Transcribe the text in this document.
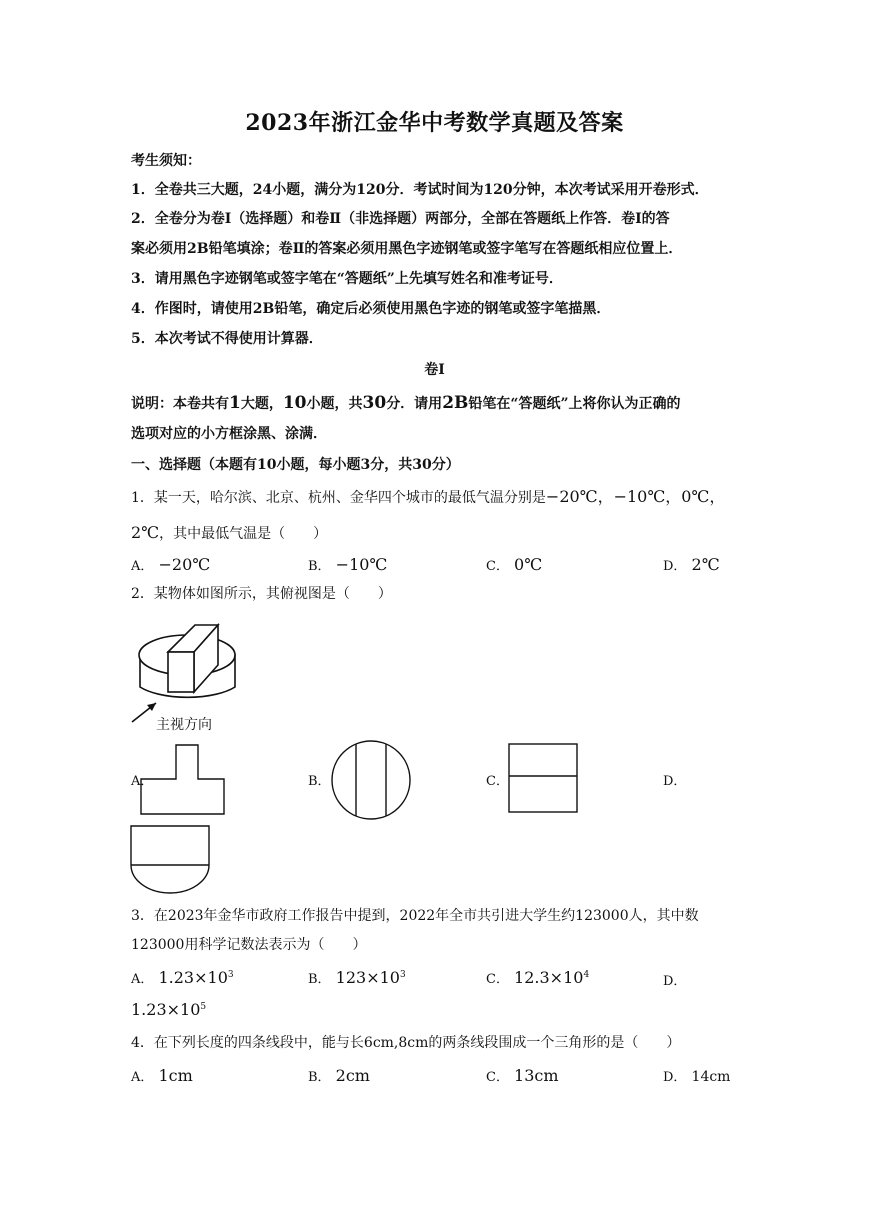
2023年浙江金华中考数学真题及答案
考生须知：
1．全卷共三大题，24小题，满分为120分．考试时间为120分钟，本次考试采用开卷形式．
2．全卷分为卷Ⅰ（选择题）和卷Ⅱ（非选择题）两部分，全部在答题纸上作答．卷Ⅰ的答
案必须用2B铅笔填涂；卷Ⅱ的答案必须用黑色字迹钢笔或签字笔写在答题纸相应位置上．
3．请用黑色字迹钢笔或签字笔在“答题纸”上先填写姓名和准考证号．
4．作图时，请使用2B铅笔，确定后必须使用黑色字迹的钢笔或签字笔描黑．
5．本次考试不得使用计算器．
卷Ⅰ
说明：本卷共有1大题，10小题，共30分．请用2B铅笔在“答题纸”上将你认为正确的
选项对应的小方框涂黑、涂满．
一、选择题（本题有10小题，每小题3分，共30分）
1．某一天，哈尔滨、北京、杭州、金华四个城市的最低气温分别是−20℃，−10℃，0℃，
2℃，其中最低气温是（　　）
A． −20℃	B． −10℃	C． 0℃	D． 2℃
2．某物体如图所示，其俯视图是（　　）
主视方向
A．	B．	C．	D．
3．在2023年金华市政府工作报告中提到，2022年全市共引进大学生约123000人，其中数
123000用科学记数法表示为（　　）
A． $1.23\times 10^3$	B． $123\times 10^3$	C． $12.3\times 10^4$	D．
$1.23\times 10^5$
4．在下列长度的四条线段中，能与长6cm,8cm的两条线段围成一个三角形的是（　　）
A． 1cm	B． 2cm	C． 13cm	D． 14cm
